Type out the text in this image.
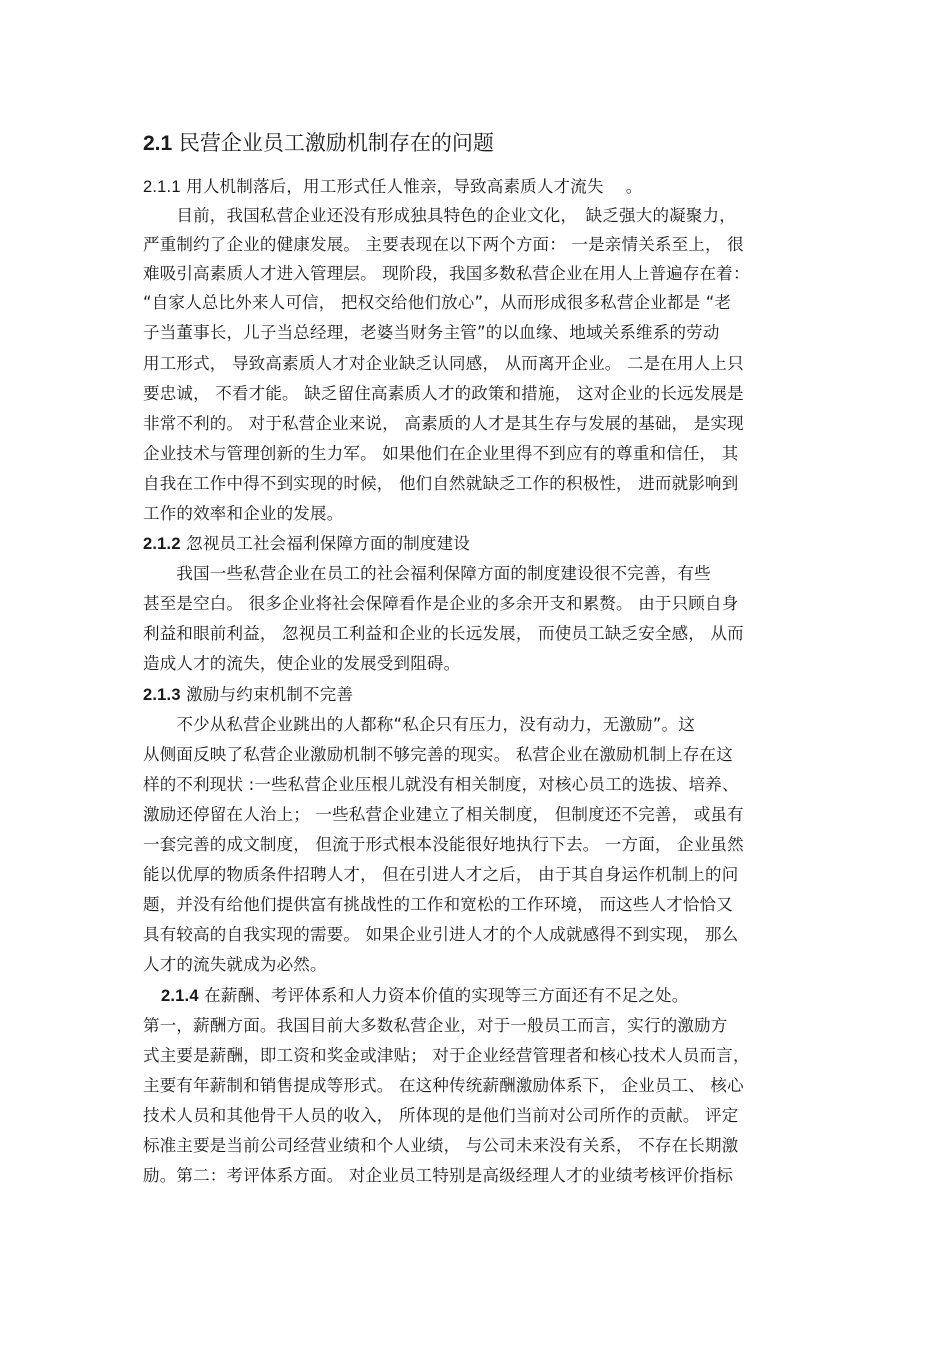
2.1 民营企业员工激励机制存在的问题
2.1.1 用人机制落后，用工形式任人惟亲，导致高素质人才流失 　。
　　目前，我国私营企业还没有形成独具特色的企业文化，　缺乏强大的凝聚力，
严重制约了企业的健康发展。 主要表现在以下两个方面： 一是亲情关系至上， 很
难吸引高素质人才进入管理层。 现阶段，我国多数私营企业在用人上普遍存在着：
“自家人总比外来人可信， 把权交给他们放心”，从而形成很多私营企业都是 “老
子当董事长，儿子当总经理，老婆当财务主管”的以血缘、地域关系维系的劳动
用工形式， 导致高素质人才对企业缺乏认同感， 从而离开企业。 二是在用人上只
要忠诚， 不看才能。 缺乏留住高素质人才的政策和措施， 这对企业的长远发展是
非常不利的。 对于私营企业来说， 高素质的人才是其生存与发展的基础， 是实现
企业技术与管理创新的生力军。 如果他们在企业里得不到应有的尊重和信任， 其
自我在工作中得不到实现的时候， 他们自然就缺乏工作的积极性， 进而就影响到
工作的效率和企业的发展。
2.1.2 忽视员工社会福利保障方面的制度建设
　　我国一些私营企业在员工的社会福利保障方面的制度建设很不完善，有些
甚至是空白。 很多企业将社会保障看作是企业的多余开支和累赘。 由于只顾自身
利益和眼前利益， 忽视员工利益和企业的长远发展， 而使员工缺乏安全感， 从而
造成人才的流失，使企业的发展受到阻碍。
2.1.3 激励与约束机制不完善
　　不少从私营企业跳出的人都称“私企只有压力，没有动力，无激励”。这
从侧面反映了私营企业激励机制不够完善的现实。 私营企业在激励机制上存在这
样的不利现状 :一些私营企业压根儿就没有相关制度，对核心员工的选拔、培养、
激励还停留在人治上； 一些私营企业建立了相关制度， 但制度还不完善， 或虽有
一套完善的成文制度， 但流于形式根本没能很好地执行下去。 一方面， 企业虽然
能以优厚的物质条件招聘人才， 但在引进人才之后， 由于其自身运作机制上的问
题，并没有给他们提供富有挑战性的工作和宽松的工作环境， 而这些人才恰恰又
具有较高的自我实现的需要。 如果企业引进人才的个人成就感得不到实现， 那么
人才的流失就成为必然。
2.1.4 在薪酬、考评体系和人力资本价值的实现等三方面还有不足之处。
第一，薪酬方面。我国目前大多数私营企业，对于一般员工而言，实行的激励方
式主要是薪酬，即工资和奖金或津贴； 对于企业经营管理者和核心技术人员而言，
主要有年薪制和销售提成等形式。 在这种传统薪酬激励体系下， 企业员工、 核心
技术人员和其他骨干人员的收入， 所体现的是他们当前对公司所作的贡献。 评定
标准主要是当前公司经营业绩和个人业绩， 与公司未来没有关系， 不存在长期激
励。第二：考评体系方面。 对企业员工特别是高级经理人才的业绩考核评价指标
